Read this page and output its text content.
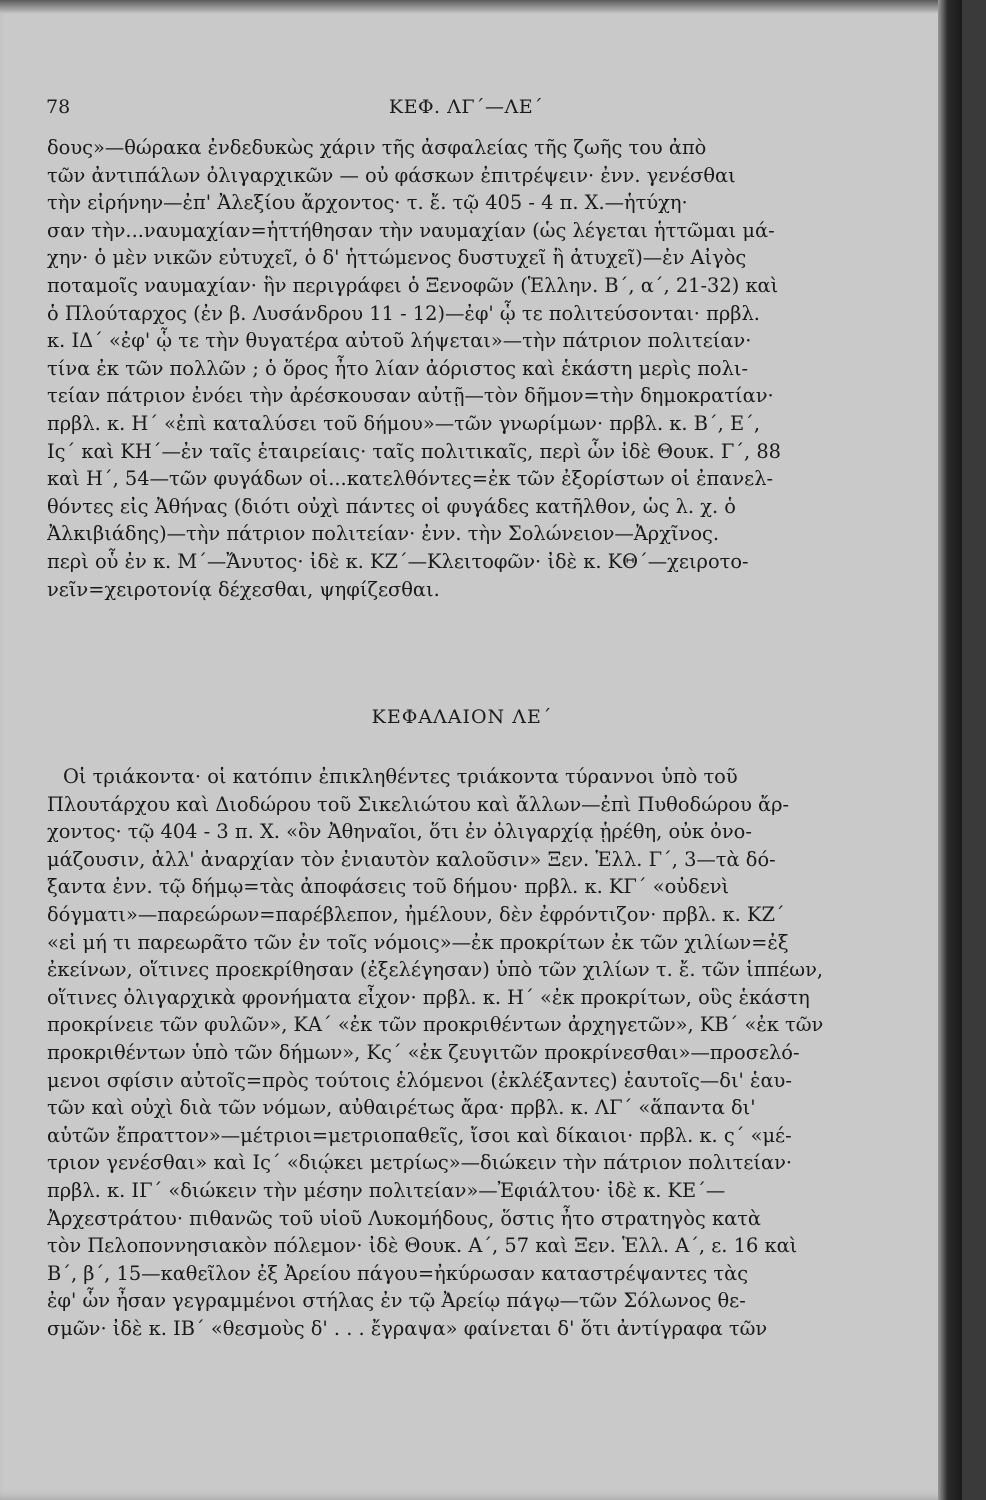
78	ΚΕΦ. ΛΓ΄—ΛΕ΄
δους»—θώρακα ἐνδεδυκὼς χάριν τῆς ἀσφαλείας τῆς ζωῆς του ἀπὸ
τῶν ἀντιπάλων ὀλιγαρχικῶν — οὐ φάσκων ἐπιτρέψειν· ἐνν. γενέσθαι
τὴν εἰρήνην—ἐπ' Ἀλεξίου ἄρχοντος· τ. ἔ. τῷ 405 - 4 π. Χ.—ἡτύχη·
σαν τὴν...ναυμαχίαν=ἡττήθησαν τὴν ναυμαχίαν (ὡς λέγεται ἡττῶμαι μά-
χην· ὁ μὲν νικῶν εὐτυχεῖ, ὁ δ' ἡττώμενος δυστυχεῖ ἢ ἀτυχεῖ)—ἐν Αἰγὸς
ποταμοῖς ναυμαχίαν· ἣν περιγράφει ὁ Ξενοφῶν (Ἑλλην. Β΄, α΄, 21-32) καὶ
ὁ Πλούταρχος (ἐν β. Λυσάνδρου 11 - 12)—ἐφ' ᾧ τε πολιτεύσονται· πρβλ.
κ. ΙΔ΄ «ἐφ' ᾧ τε τὴν θυγατέρα αὐτοῦ λήψεται»—τὴν πάτριον πολιτείαν·
τίνα ἐκ τῶν πολλῶν ; ὁ ὅρος ἦτο λίαν ἀόριστος καὶ ἑκάστη μερὶς πολι-
τείαν πάτριον ἐνόει τὴν ἀρέσκουσαν αὐτῇ—τὸν δῆμον=τὴν δημοκρατίαν·
πρβλ. κ. Η΄ «ἐπὶ καταλύσει τοῦ δήμου»—τῶν γνωρίμων· πρβλ. κ. Β΄, Ε΄,
Ις΄ καὶ ΚΗ΄—ἐν ταῖς ἑταιρείαις· ταῖς πολιτικαῖς, περὶ ὧν ἰδὲ Θουκ. Γ΄, 88
καὶ Η΄, 54—τῶν φυγάδων οἱ...κατελθόντες=ἐκ τῶν ἐξορίστων οἱ ἐπανελ-
θόντες εἰς Ἀθήνας (διότι οὐχὶ πάντες οἱ φυγάδες κατῆλθον, ὡς λ. χ. ὁ
Ἀλκιβιάδης)—τὴν πάτριον πολιτείαν· ἐνν. τὴν Σολώνειον—Ἀρχῖνος.
περὶ οὗ ἐν κ. Μ΄—Ἄνυτος· ἰδὲ κ. ΚΖ΄—Κλειτοφῶν· ἰδὲ κ. ΚΘ΄—χειροτο-
νεῖν=χειροτονίᾳ δέχεσθαι, ψηφίζεσθαι.
ΚΕΦΑΛΑΙΟΝ ΛΕ΄
Οἱ τριάκοντα· οἱ κατόπιν ἐπικληθέντες τριάκοντα τύραννοι ὑπὸ τοῦ
Πλουτάρχου καὶ Διοδώρου τοῦ Σικελιώτου καὶ ἄλλων—ἐπὶ Πυθοδώρου ἄρ-
χοντος· τῷ 404 - 3 π. Χ. «ὃν Ἀθηναῖοι, ὅτι ἐν ὀλιγαρχίᾳ ᾑρέθη, οὐκ ὀνο-
μάζουσιν, ἀλλ' ἀναρχίαν τὸν ἐνιαυτὸν καλοῦσιν» Ξεν. Ἑλλ. Γ΄, 3—τὰ δό-
ξαντα ἐνν. τῷ δήμῳ=τὰς ἀποφάσεις τοῦ δήμου· πρβλ. κ. ΚΓ΄ «οὐδενὶ
δόγματι»—παρεώρων=παρέβλεπον, ἠμέλουν, δὲν ἐφρόντιζον· πρβλ. κ. ΚΖ΄
«εἰ μή τι παρεωρᾶτο τῶν ἐν τοῖς νόμοις»—ἐκ προκρίτων ἐκ τῶν χιλίων=ἐξ
ἐκείνων, οἵτινες προεκρίθησαν (ἐξελέγησαν) ὑπὸ τῶν χιλίων τ. ἔ. τῶν ἱππέων,
οἵτινες ὀλιγαρχικὰ φρονήματα εἶχον· πρβλ. κ. Η΄ «ἐκ προκρίτων, οὓς ἑκάστη
προκρίνειε τῶν φυλῶν», ΚΑ΄ «ἐκ τῶν προκριθέντων ἀρχηγετῶν», ΚΒ΄ «ἐκ τῶν
προκριθέντων ὑπὸ τῶν δήμων», Κς΄ «ἐκ ζευγιτῶν προκρίνεσθαι»—προσελό-
μενοι σφίσιν αὐτοῖς=πρὸς τούτοις ἑλόμενοι (ἐκλέξαντες) ἑαυτοῖς—δι' ἑαυ-
τῶν καὶ οὐχὶ διὰ τῶν νόμων, αὐθαιρέτως ἄρα· πρβλ. κ. ΛΓ΄ «ἅπαντα δι'
αὑτῶν ἔπραττον»—μέτριοι=μετριοπαθεῖς, ἴσοι καὶ δίκαιοι· πρβλ. κ. ς΄ «μέ-
τριον γενέσθαι» καὶ Ις΄ «διῴκει μετρίως»—διώκειν τὴν πάτριον πολιτείαν·
πρβλ. κ. ΙΓ΄ «διώκειν τὴν μέσην πολιτείαν»—Ἐφιάλτου· ἰδὲ κ. ΚΕ΄—
Ἀρχεστράτου· πιθανῶς τοῦ υἱοῦ Λυκομήδους, ὅστις ἦτο στρατηγὸς κατὰ
τὸν Πελοποννησιακὸν πόλεμον· ἰδὲ Θουκ. Α΄, 57 καὶ Ξεν. Ἑλλ. Α΄, ε. 16 καὶ
Β΄, β΄, 15—καθεῖλον ἐξ Ἀρείου πάγου=ἠκύρωσαν καταστρέψαντες τὰς
ἐφ' ὧν ἦσαν γεγραμμένοι στήλας ἐν τῷ Ἀρείῳ πάγῳ—τῶν Σόλωνος θε-
σμῶν· ἰδὲ κ. ΙΒ΄ «θεσμοὺς δ' . . . ἔγραψα» φαίνεται δ' ὅτι ἀντίγραφα τῶν
